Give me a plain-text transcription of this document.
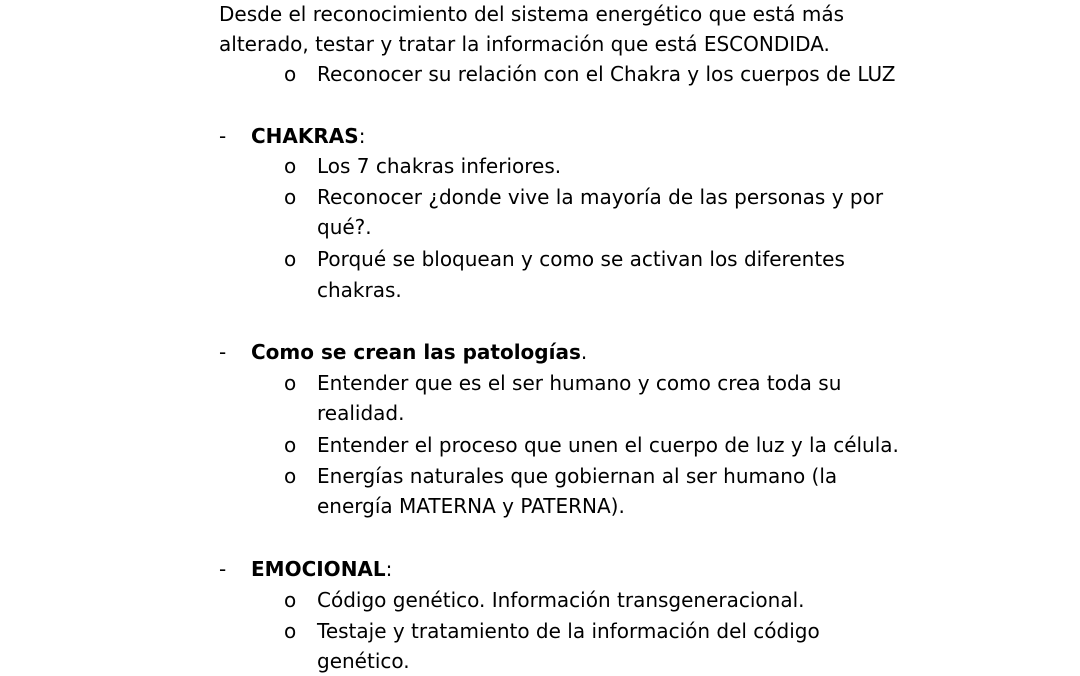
Desde el reconocimiento del sistema energético que está más
alterado, testar y tratar la información que está ESCONDIDA.
o Reconocer su relación con el Chakra y los cuerpos de LUZ
- CHAKRAS:
o Los 7 chakras inferiores.
o Reconocer ¿donde vive la mayoría de las personas y por
qué?.
o Porqué se bloquean y como se activan los diferentes
chakras.
- Como se crean las patologías.
o Entender que es el ser humano y como crea toda su
realidad.
o Entender el proceso que unen el cuerpo de luz y la célula.
o Energías naturales que gobiernan al ser humano (la
energía MATERNA y PATERNA).
- EMOCIONAL:
o Código genético. Información transgeneracional.
o Testaje y tratamiento de la información del código
genético.
